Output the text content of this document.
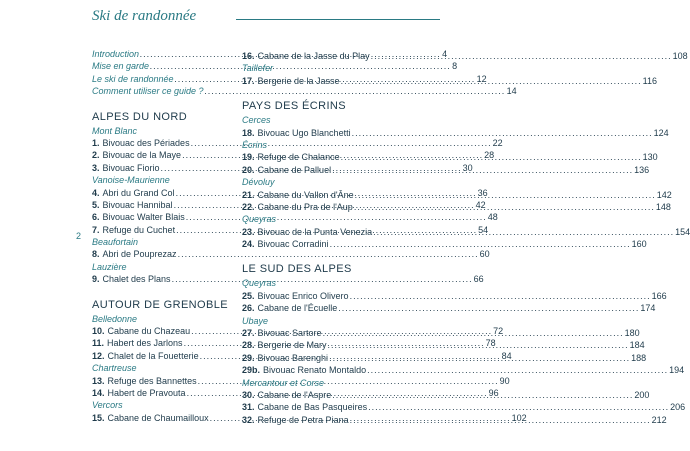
Ski de randonnée
2
Introduction .....	4
Mise en garde .....	8
Le ski de randonnée .....	12
Comment utiliser ce guide ? .....	14
ALPES DU NORD
Mont Blanc
1. Bivouac des Périades .....	22
2. Bivouac de la Maye .....	28
3. Bivouac Fiorio .....	30
Vanoise-Maurienne
4. Abri du Grand Col .....	36
5. Bivouac Hannibal .....	42
6. Bivouac Walter Blais .....	48
7. Refuge du Cuchet .....	54
Beaufortain
8. Abri de Pouprezaz .....	60
Lauzière
9. Chalet des Plans .....	66
AUTOUR DE GRENOBLE
Belledonne
10. Cabane du Chazeau .....	72
11. Habert des Jarlons .....	78
12. Chalet de la Fouetterie .....	84
Chartreuse
13. Refuge des Bannettes .....	90
14. Habert de Pravouta .....	96
Vercors
15. Cabane de Chaumailloux .....	102
16. Cabane de la Jasse du Play .....	108
Taillefer
17. Bergerie de la Jasse .....	116
PAYS DES ÉCRINS
Cerces
18. Bivouac Ugo Blanchetti .....	124
Écrins
19. Refuge de Chalance .....	130
20. Cabane de Palluel .....	136
Dévoluy
21. Cabane du Vallon d'Âne .....	142
22. Cabane du Pra de l'Aup .....	148
Queyras
23. Bivouac de la Punta Venezia .....	154
24. Bivouac Corradini .....	160
LE SUD DES ALPES
Queyras
25. Bivouac Enrico Olivero .....	166
26. Cabane de l'Écuelle .....	174
Ubaye
27. Bivouac Sartore .....	180
28. Bergerie de Mary .....	184
29. Bivouac Barenghi .....	188
29b. Bivouac Renato Montaldo .....	194
Mercantour et Corse
30. Cabane de l'Aspre .....	200
31. Cabane de Bas Pasqueires .....	206
32. Refuge de Petra Piana .....	212
